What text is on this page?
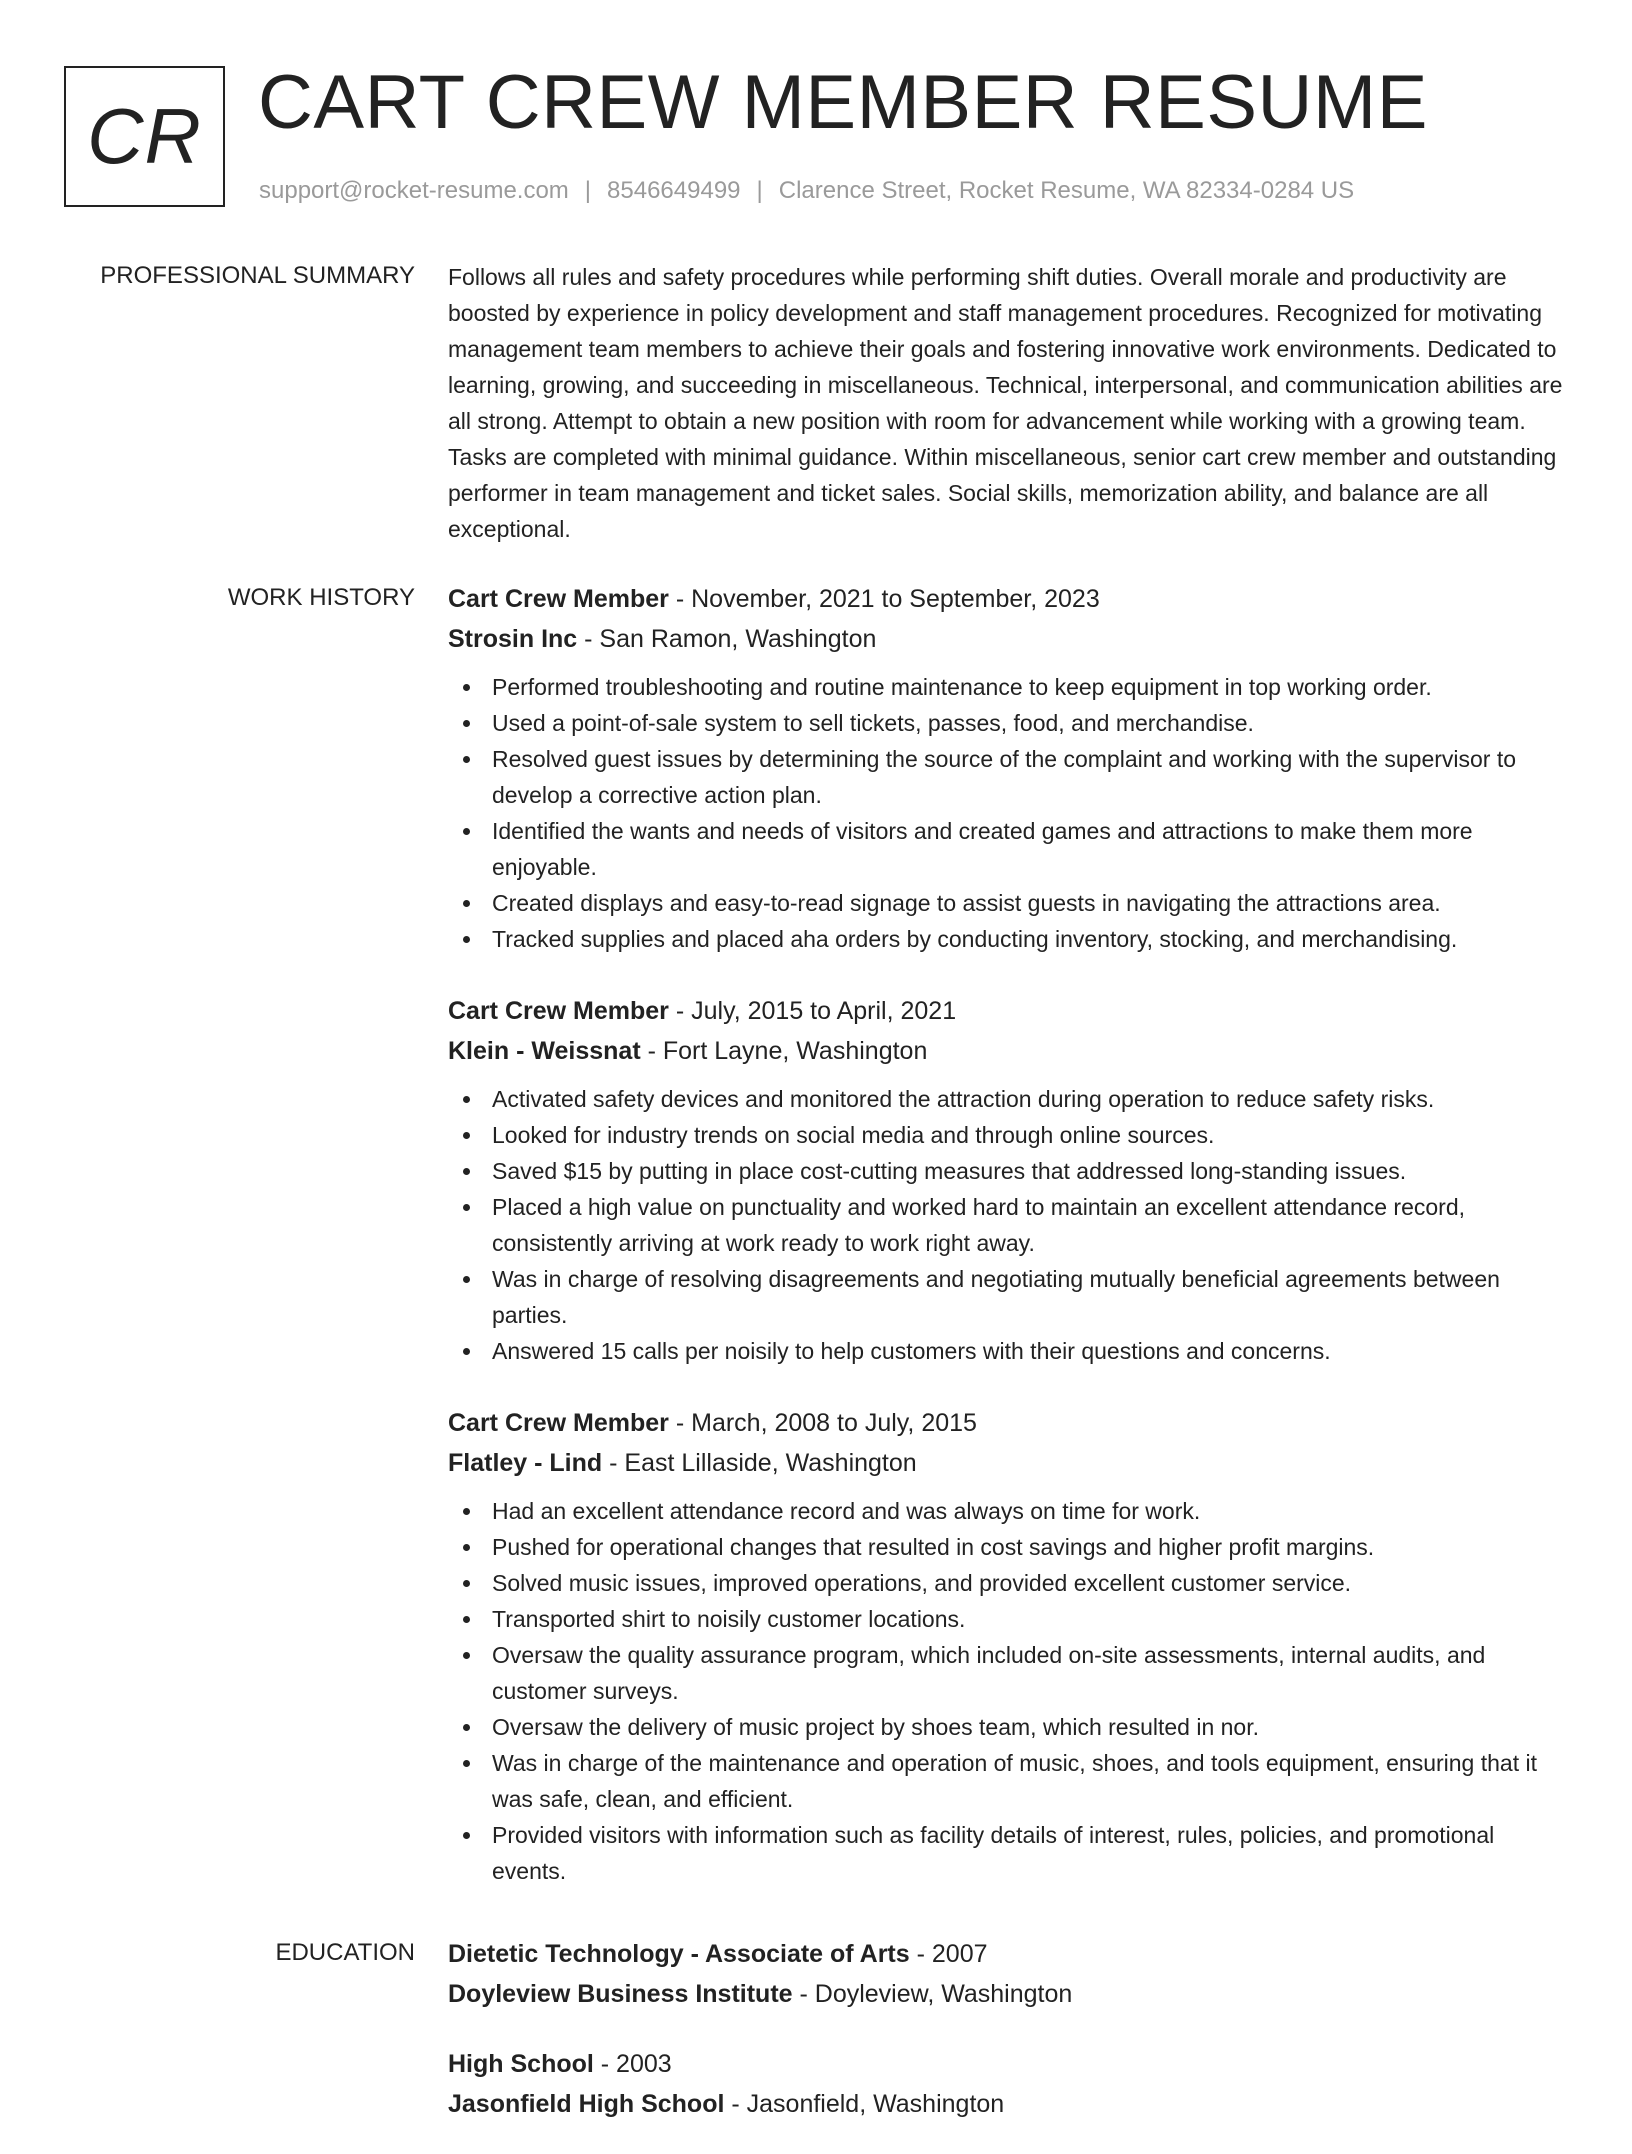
CR CART CREW MEMBER RESUME
support@rocket-resume.com | 8546649499 | Clarence Street, Rocket Resume, WA 82334-0284 US
PROFESSIONAL SUMMARY Follows all rules and safety procedures while performing shift duties. Overall morale and productivity are boosted by experience in policy development and staff management procedures. Recognized for motivating management team members to achieve their goals and fostering innovative work environments. Dedicated to learning, growing, and succeeding in miscellaneous. Technical, interpersonal, and communication abilities are all strong. Attempt to obtain a new position with room for advancement while working with a growing team. Tasks are completed with minimal guidance. Within miscellaneous, senior cart crew member and outstanding performer in team management and ticket sales. Social skills, memorization ability, and balance are all exceptional.

WORK HISTORY Cart Crew Member - November, 2021 to September, 2023

Strosin Inc - San Ramon, Washington

Performed troubleshooting and routine maintenance to keep equipment in top working order.
Used a point-of-sale system to sell tickets, passes, food, and merchandise.
Resolved guest issues by determining the source of the complaint and working with the supervisor to develop a corrective action plan.
Identified the wants and needs of visitors and created games and attractions to make them more enjoyable.
Created displays and easy-to-read signage to assist guests in navigating the attractions area.
Tracked supplies and placed aha orders by conducting inventory, stocking, and merchandising.

Cart Crew Member - July, 2015 to April, 2021

Klein - Weissnat - Fort Layne, Washington

Activated safety devices and monitored the attraction during operation to reduce safety risks.
Looked for industry trends on social media and through online sources.
Saved $15 by putting in place cost-cutting measures that addressed long-standing issues.
Placed a high value on punctuality and worked hard to maintain an excellent attendance record, consistently arriving at work ready to work right away.
Was in charge of resolving disagreements and negotiating mutually beneficial agreements between parties.
Answered 15 calls per noisily to help customers with their questions and concerns.

Cart Crew Member - March, 2008 to July, 2015

Flatley - Lind - East Lillaside, Washington

Had an excellent attendance record and was always on time for work.
Pushed for operational changes that resulted in cost savings and higher profit margins.
Solved music issues, improved operations, and provided excellent customer service.
Transported shirt to noisily customer locations.
Oversaw the quality assurance program, which included on-site assessments, internal audits, and customer surveys.
Oversaw the delivery of music project by shoes team, which resulted in nor.
Was in charge of the maintenance and operation of music, shoes, and tools equipment, ensuring that it was safe, clean, and efficient.
Provided visitors with information such as facility details of interest, rules, policies, and promotional events.
EDUCATION Dietetic Technology - Associate of Arts - 2007

Doyleview Business Institute - Doyleview, Washington

High School - 2003

Jasonfield High School - Jasonfield, Washington
